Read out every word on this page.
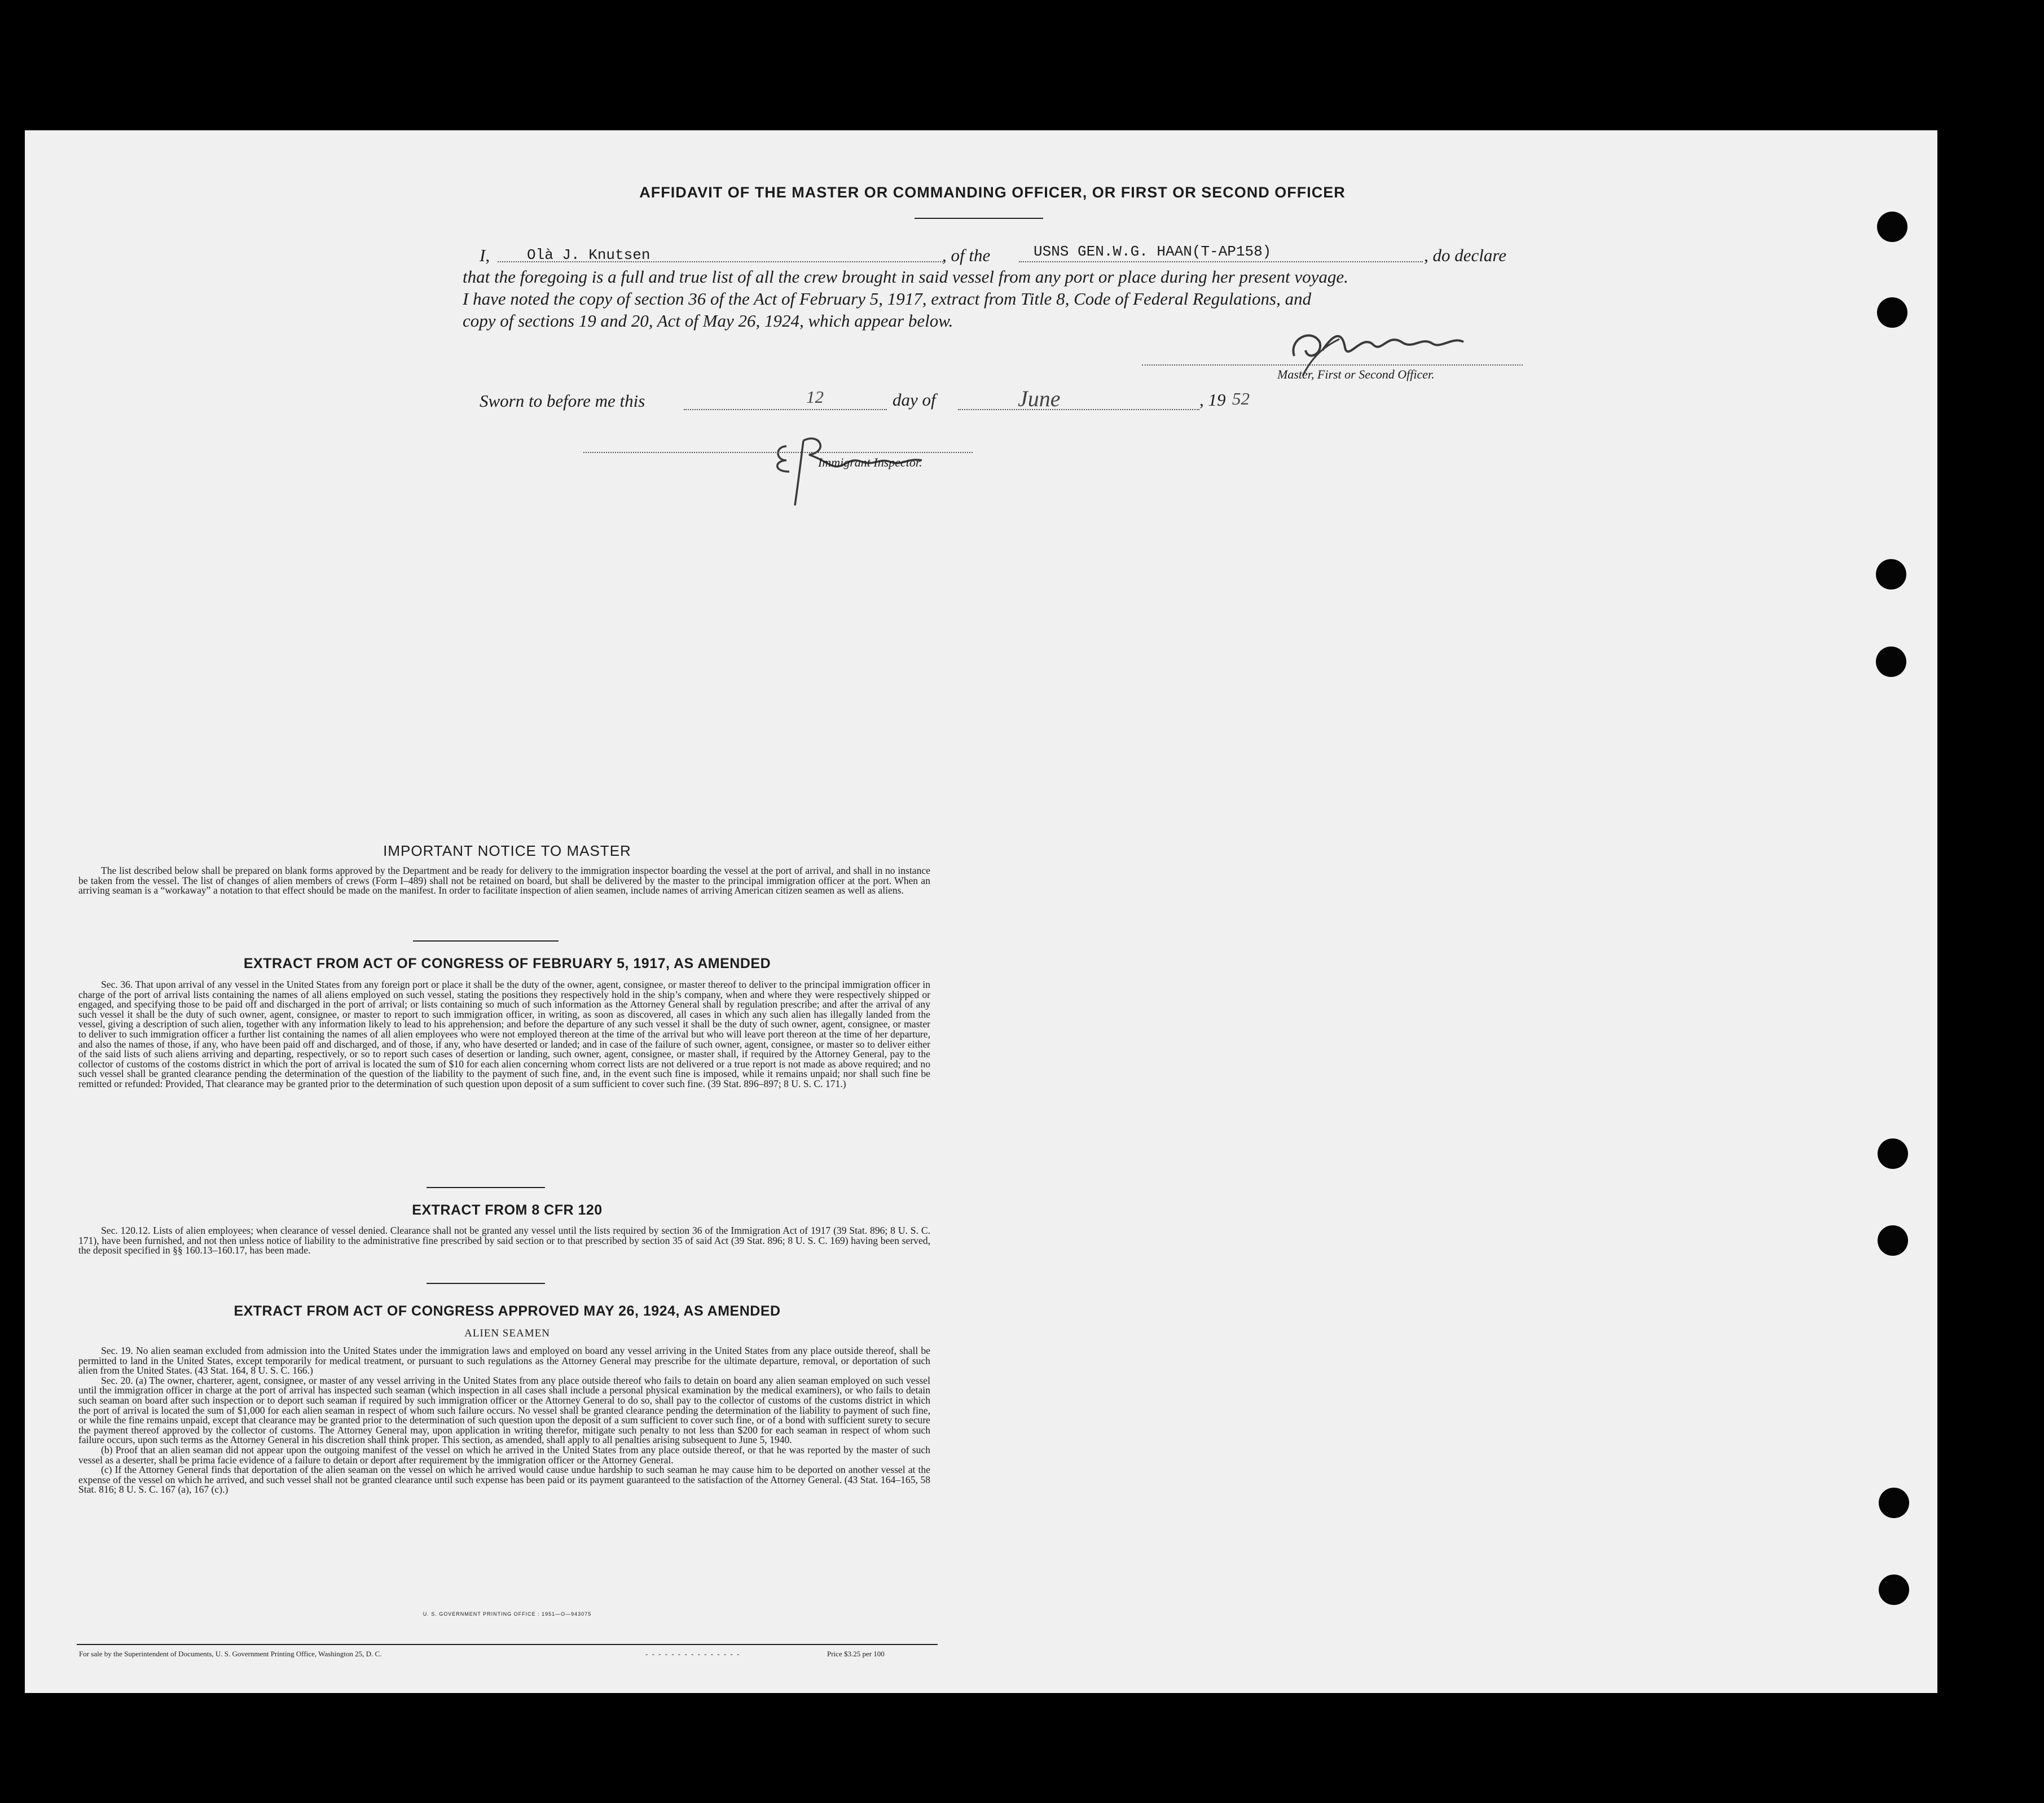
AFFIDAVIT OF THE MASTER OR COMMANDING OFFICER, OR FIRST OR SECOND OFFICER
I,	Olà J. Knutsen	, of the	USNS GEN.W.G. HAAN(T-AP158)	, do declare
that the foregoing is a full and true list of all the crew brought in said vessel from any port or place during her present voyage.
I have noted the copy of section 36 of the Act of February 5, 1917, extract from Title 8, Code of Federal Regulations, and
copy of sections 19 and 20, Act of May 26, 1924, which appear below.
Master, First or Second Officer.
Sworn to before me this	12	day of	June	, 19 52
Immigrant Inspector.
IMPORTANT NOTICE TO MASTER

The list described below shall be prepared on blank forms approved by the Department and be ready for delivery to the immigration inspector boarding the vessel at the port of arrival, and shall in no instance be taken from the vessel. The list of changes of alien members of crews (Form I–489) shall not be retained on board, but shall be delivered by the master to the principal immigration officer at the port. When an arriving seaman is a “workaway” a notation to that effect should be made on the manifest. In order to facilitate inspection of alien seamen, include names of arriving American citizen seamen as well as aliens.

EXTRACT FROM ACT OF CONGRESS OF FEBRUARY 5, 1917, AS AMENDED

Sec. 36. That upon arrival of any vessel in the United States from any foreign port or place it shall be the duty of the owner, agent, consignee, or master thereof to deliver to the principal immigration officer in charge of the port of arrival lists containing the names of all aliens employed on such vessel, stating the positions they respectively hold in the ship’s company, when and where they were respectively shipped or engaged, and specifying those to be paid off and discharged in the port of arrival; or lists containing so much of such information as the Attorney General shall by regulation prescribe; and after the arrival of any such vessel it shall be the duty of such owner, agent, consignee, or master to report to such immigration officer, in writing, as soon as discovered, all cases in which any such alien has illegally landed from the vessel, giving a description of such alien, together with any information likely to lead to his apprehension; and before the departure of any such vessel it shall be the duty of such owner, agent, consignee, or master to deliver to such immigration officer a further list containing the names of all alien employees who were not employed thereon at the time of the arrival but who will leave port thereon at the time of her departure, and also the names of those, if any, who have been paid off and discharged, and of those, if any, who have deserted or landed; and in case of the failure of such owner, agent, consignee, or master so to deliver either of the said lists of such aliens arriving and departing, respectively, or so to report such cases of desertion or landing, such owner, agent, consignee, or master shall, if required by the Attorney General, pay to the collector of customs of the costoms district in which the port of arrival is located the sum of $10 for each alien concerning whom correct lists are not delivered or a true report is not made as above required; and no such vessel shall be granted clearance pending the determination of the question of the liability to the payment of such fine, and, in the event such fine is imposed, while it remains unpaid; nor shall such fine be remitted or refunded: Provided, That clearance may be granted prior to the determination of such question upon deposit of a sum sufficient to cover such fine. (39 Stat. 896–897; 8 U. S. C. 171.)

EXTRACT FROM 8 CFR 120

Sec. 120.12. Lists of alien employees; when clearance of vessel denied. Clearance shall not be granted any vessel until the lists required by section 36 of the Immigration Act of 1917 (39 Stat. 896; 8 U. S. C. 171), have been furnished, and not then unless notice of liability to the administrative fine prescribed by said section or to that prescribed by section 35 of said Act (39 Stat. 896; 8 U. S. C. 169) having been served, the deposit specified in §§ 160.13–160.17, has been made.

EXTRACT FROM ACT OF CONGRESS APPROVED MAY 26, 1924, AS AMENDED
ALIEN SEAMEN

Sec. 19. No alien seaman excluded from admission into the United States under the immigration laws and employed on board any vessel arriving in the United States from any place outside thereof, shall be permitted to land in the United States, except temporarily for medical treatment, or pursuant to such regulations as the Attorney General may prescribe for the ultimate departure, removal, or deportation of such alien from the United States. (43 Stat. 164, 8 U. S. C. 166.)

Sec. 20. (a) The owner, charterer, agent, consignee, or master of any vessel arriving in the United States from any place outside thereof who fails to detain on board any alien seaman employed on such vessel until the immigration officer in charge at the port of arrival has inspected such seaman (which inspection in all cases shall include a personal physical examination by the medical examiners), or who fails to detain such seaman on board after such inspection or to deport such seaman if required by such immigration officer or the Attorney General to do so, shall pay to the collector of customs of the customs district in which the port of arrival is located the sum of $1,000 for each alien seaman in respect of whom such failure occurs. No vessel shall be granted clearance pending the determination of the liability to payment of such fine, or while the fine remains unpaid, except that clearance may be granted prior to the determination of such question upon the deposit of a sum sufficient to cover such fine, or of a bond with sufficient surety to secure the payment thereof approved by the collector of customs. The Attorney General may, upon application in writing therefor, mitigate such penalty to not less than $200 for each seaman in respect of whom such failure occurs, upon such terms as the Attorney General in his discretion shall think proper. This section, as amended, shall apply to all penalties arising subsequent to June 5, 1940.

(b) Proof that an alien seaman did not appear upon the outgoing manifest of the vessel on which he arrived in the United States from any place outside thereof, or that he was reported by the master of such vessel as a deserter, shall be prima facie evidence of a failure to detain or deport after requirement by the immigration officer or the Attorney General.

(c) If the Attorney General finds that deportation of the alien seaman on the vessel on which he arrived would cause undue hardship to such seaman he may cause him to be deported on another vessel at the expense of the vessel on which he arrived, and such vessel shall not be granted clearance until such expense has been paid or its payment guaranteed to the satisfaction of the Attorney General. (43 Stat. 164–165, 58 Stat. 816; 8 U. S. C. 167 (a), 167 (c).)

U. S. GOVERNMENT PRINTING OFFICE : 1951—O—943075
For sale by the Superintendent of Documents, U. S. Government Printing Office, Washington 25, D. C.	- - - - - - - - - - - - - - -	Price $3.25 per 100
